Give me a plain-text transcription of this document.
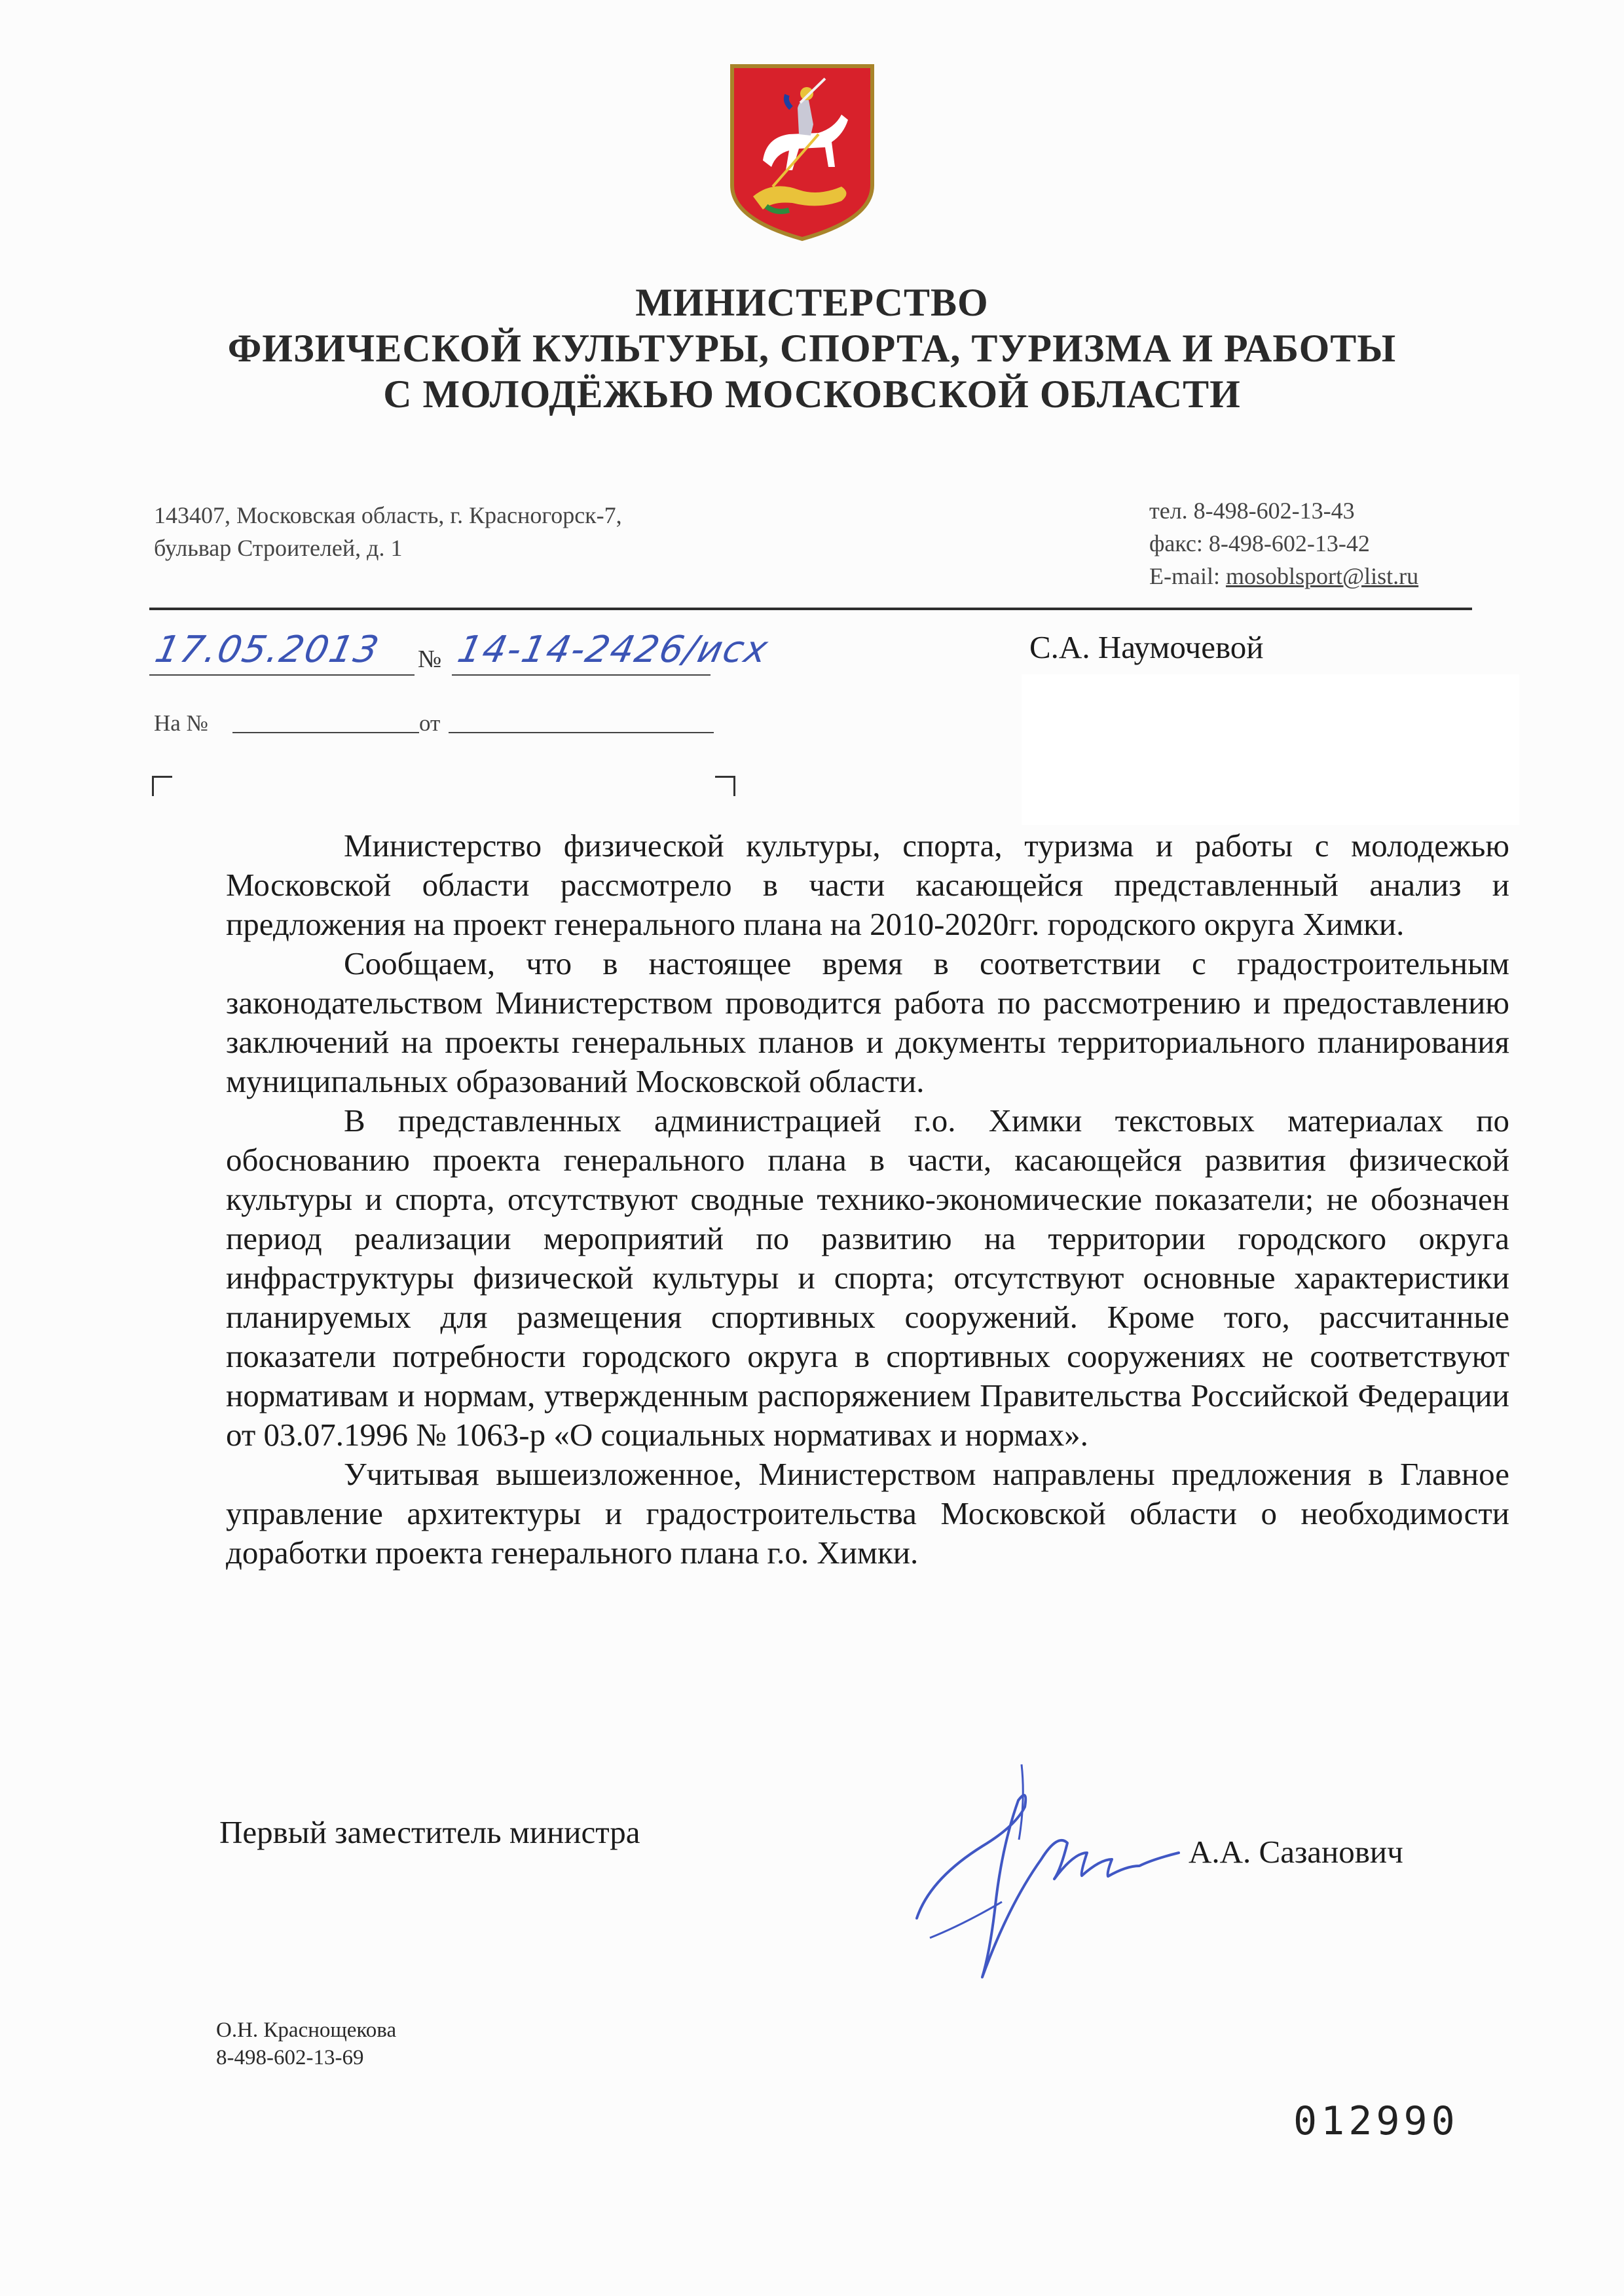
МИНИСТЕРСТВО
ФИЗИЧЕСКОЙ КУЛЬТУРЫ, СПОРТА, ТУРИЗМА И РАБОТЫ
С МОЛОДЁЖЬЮ МОСКОВСКОЙ ОБЛАСТИ
143407, Московская область, г. Красногорск-7,
бульвар Строителей, д. 1
тел. 8-498-602-13-43
факс: 8-498-602-13-42
E-mail: mosoblsport@list.ru
17.05.2013 № 14-14-2426/исх
На №	от
С.А. Наумочевой

Министерство физической культуры, спорта, туризма и работы с молодежью Московской области рассмотрело в части касающейся представленный анализ и предложения на проект генерального плана на 2010-2020гг. городского округа Химки.

Сообщаем, что в настоящее время в соответствии с градостроительным законодательством Министерством проводится работа по рассмотрению и предоставлению заключений на проекты генеральных планов и документы территориального планирования муниципальных образований Московской области.

В представленных администрацией г.о. Химки текстовых материалах по обоснованию проекта генерального плана в части, касающейся развития физической культуры и спорта, отсутствуют сводные технико-экономические показатели; не обозначен период реализации мероприятий по развитию на территории городского округа инфраструктуры физической культуры и спорта; отсутствуют основные характеристики планируемых для размещения спортивных сооружений. Кроме того, рассчитанные показатели потребности городского округа в спортивных сооружениях не соответствуют нормативам и нормам, утвержденным распоряжением Правительства Российской Федерации от 03.07.1996 № 1063-р «О социальных нормативах и нормах».

Учитывая вышеизложенное, Министерством направлены предложения в Главное управление архитектуры и градостроительства Московской области о необходимости доработки проекта генерального плана г.о. Химки.

Первый заместитель министра
А.А. Сазанович
О.Н. Краснощекова
8-498-602-13-69
012990
